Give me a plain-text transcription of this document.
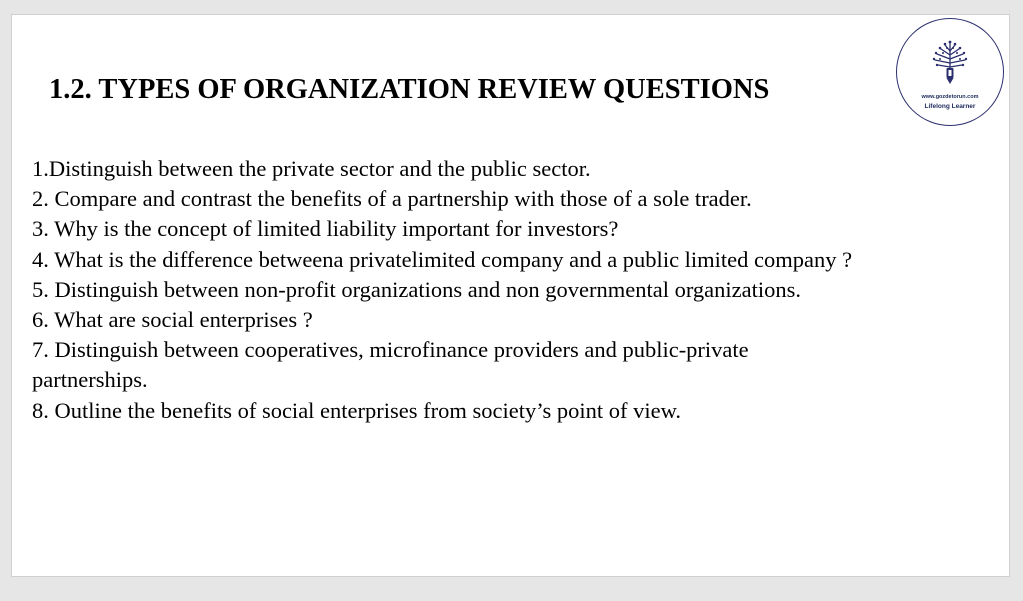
1.2. TYPES OF ORGANIZATION REVIEW QUESTIONS	www.gozdetorun.com
Lifelong Learner
1.Distinguish between the private sector and the public sector.
2. Compare and contrast the benefits of a partnership with those of a sole trader.
3. Why is the concept of limited liability important for investors?
4. What is the difference betweena privatelimited company and a public limited company ?
5. Distinguish between non-profit organizations and non governmental organizations.
6. What are social enterprises ?
7. Distinguish between cooperatives, microfinance providers and public-private partnerships.
8. Outline the benefits of social enterprises from society’s point of view.
